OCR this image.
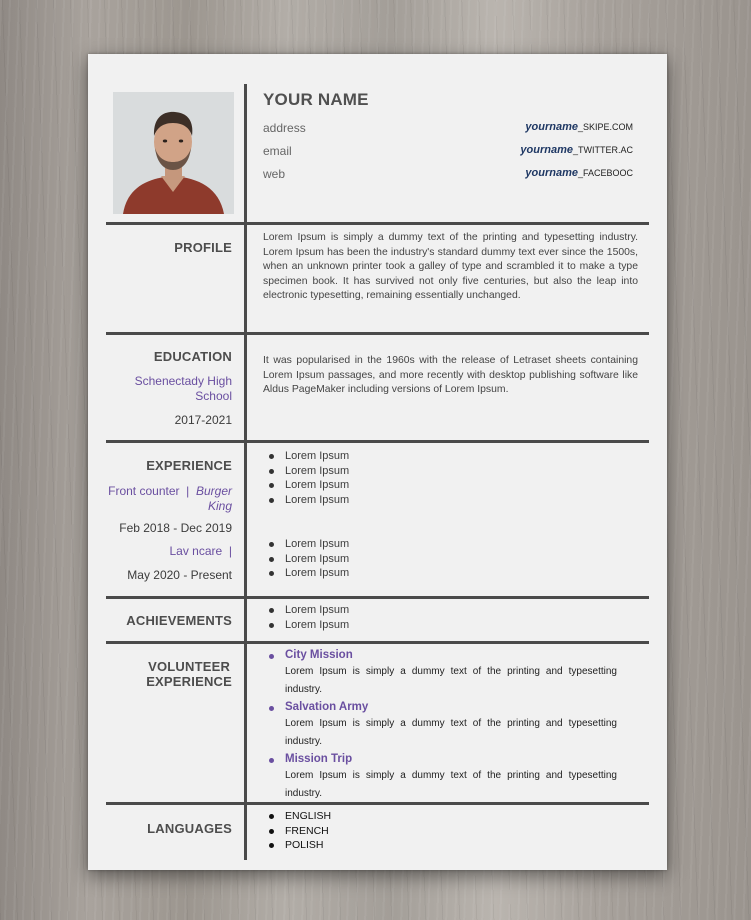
YOUR NAME
address
email
web
yourname_SKIPE.COM
yourname_TWITTER.AC
yourname_FACEBOOC
PROFILE
Lorem Ipsum is simply a dummy text of the printing and typesetting industry. Lorem Ipsum has been the industry's standard dummy text ever since the 1500s, when an unknown printer took a galley of type and scrambled it to make a type specimen book. It has survived not only five centuries, but also the leap into electronic typesetting, remaining essentially unchanged.
EDUCATION
Schenectady High
School
2017-2021
It was popularised in the 1960s with the release of Letraset sheets containing Lorem Ipsum passages, and more recently with desktop publishing software like Aldus PageMaker including versions of Lorem Ipsum.
EXPERIENCE
Front counter | Burger
King
Feb 2018 - Dec 2019
Lav ncare |
May 2020 - Present
Lorem Ipsum
Lorem Ipsum
Lorem Ipsum
Lorem Ipsum
Lorem Ipsum
Lorem Ipsum
Lorem Ipsum
ACHIEVEMENTS
Lorem Ipsum
Lorem Ipsum
VOLUNTEER
EXPERIENCE
City Mission
Lorem Ipsum is simply a dummy text of the printing and typesetting industry.
Salvation Army
Lorem Ipsum is simply a dummy text of the printing and typesetting industry.
Mission Trip
Lorem Ipsum is simply a dummy text of the printing and typesetting industry.
LANGUAGES
ENGLISH
FRENCH
POLISH
